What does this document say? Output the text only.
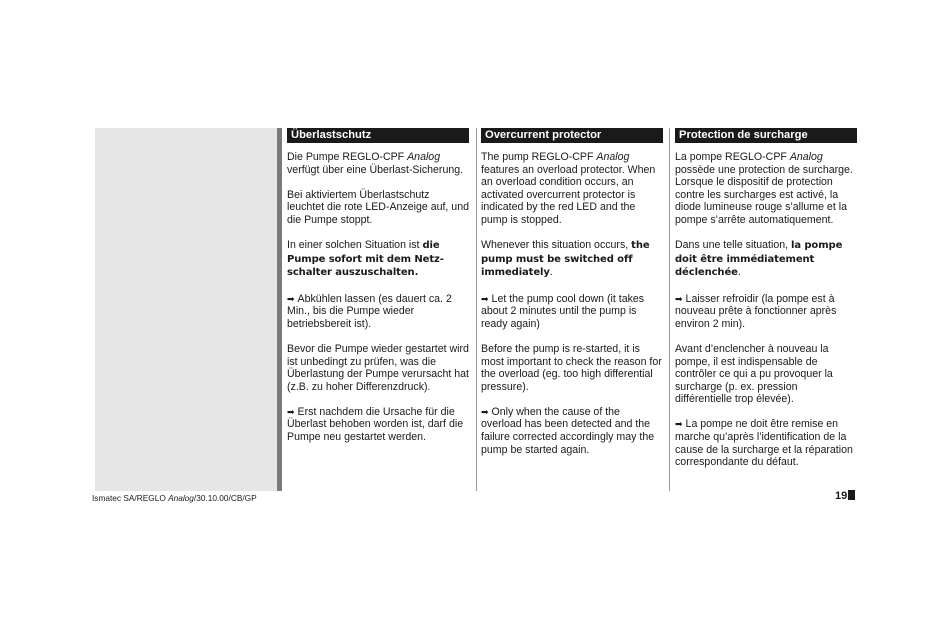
Überlastschutz

Die Pumpe REGLO-CPF Analog verfügt über eine Überlast-Sicherung.

Bei aktiviertem Überlastschutz leuchtet die rote LED-Anzeige auf, und die Pumpe stoppt.

In einer solchen Situation ist die Pumpe sofort mit dem Netz-schalter auszuschalten.

➡ Abkühlen lassen (es dauert ca. 2 Min., bis die Pumpe wieder betriebsbereit ist).

Bevor die Pumpe wieder gestartet wird ist unbedingt zu prüfen, was die Überlastung der Pumpe verursacht hat (z.B. zu hoher Differenzdruck).

➡ Erst nachdem die Ursache für die Überlast behoben worden ist, darf die Pumpe neu gestartet werden.

Overcurrent protector

The pump REGLO-CPF Analog features an overload protector. When an overload condition occurs, an activated overcurrent protector is indicated by the red LED and the pump is stopped.

Whenever this situation occurs, the pump must be switched off immediately.

➡ Let the pump cool down (it takes about 2 minutes until the pump is ready again)

Before the pump is re-started, it is most important to check the reason for the overload (eg. too high differential pressure).

➡ Only when the cause of the overload has been detected and the failure corrected accordingly may the pump be started again.

Protection de surcharge

La pompe REGLO-CPF Analog possède une protection de surcharge. Lorsque le dispositif de protection contre les surcharges est activé, la diode lumineuse rouge s’allume et la pompe s’arrête automatiquement.

Dans une telle situation, la pompe doit être immédiatement déclenchée.

➡ Laisser refroidir (la pompe est à nouveau prête à fonctionner après environ 2 min).

Avant d’enclencher à nouveau la pompe, il est indispensable de contrôler ce qui a pu provoquer la surcharge (p. ex. pression différentielle trop élevée).

➡ La pompe ne doit être remise en marche qu’après l’identification de la cause de la surcharge et la réparation correspondante du défaut.

Ismatec SA/REGLO Analog/30.10.00/CB/GP	19
